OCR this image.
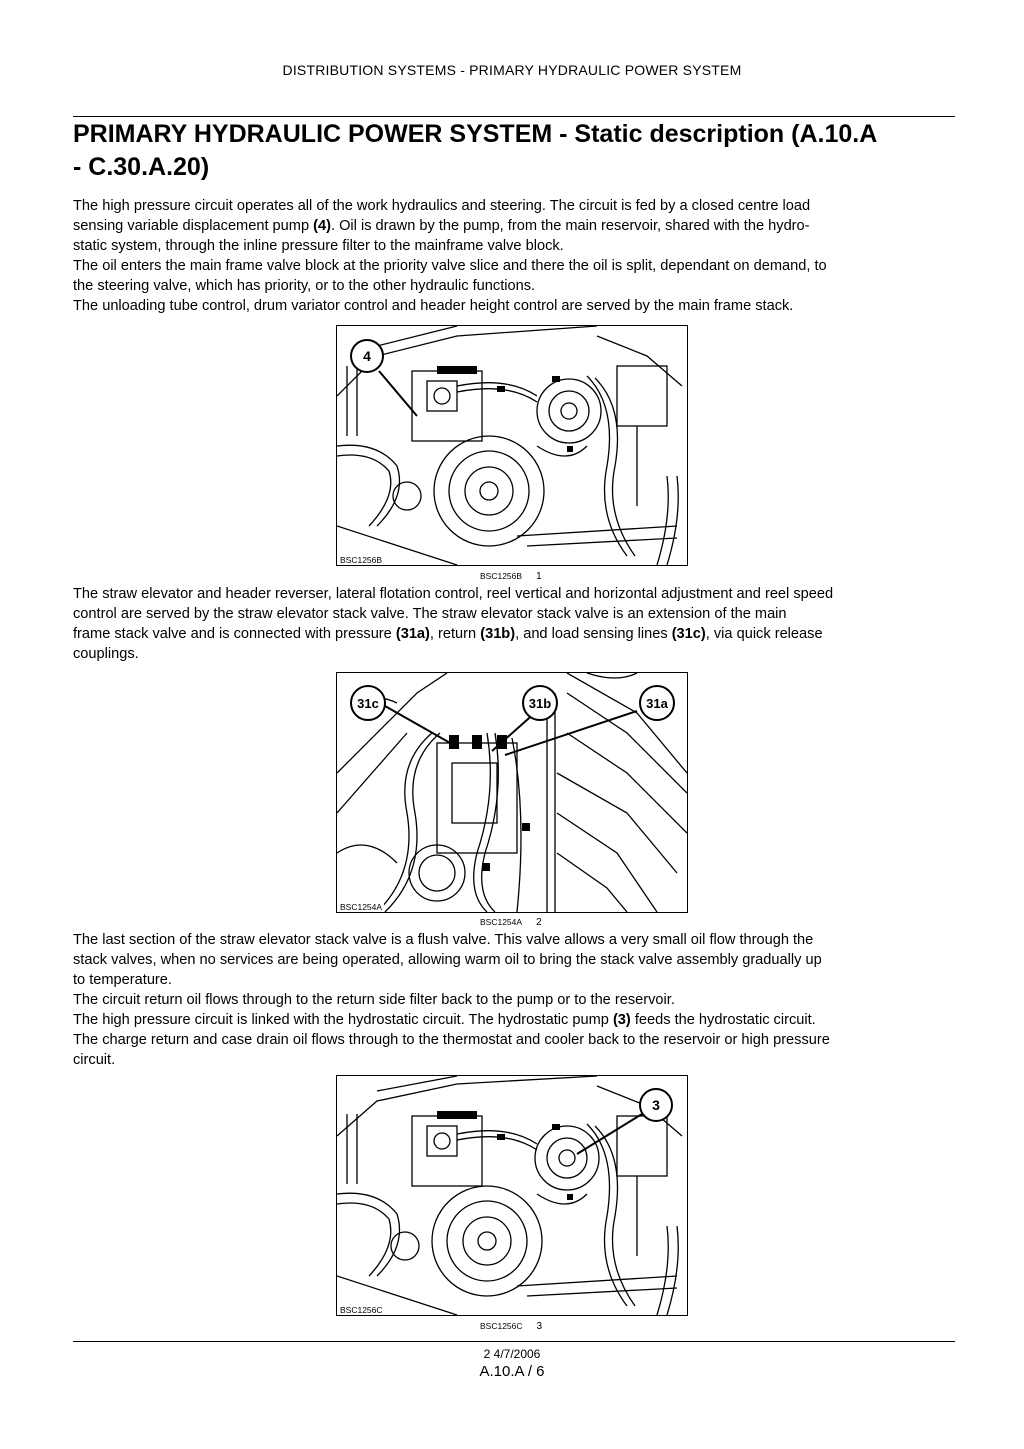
DISTRIBUTION SYSTEMS - PRIMARY HYDRAULIC POWER SYSTEM
PRIMARY HYDRAULIC POWER SYSTEM - Static description (A.10.A
- C.30.A.20)
The high pressure circuit operates all of the work hydraulics and steering. The circuit is fed by a closed centre load
sensing variable displacement pump (4). Oil is drawn by the pump, from the main reservoir, shared with the hydro-
static system, through the inline pressure filter to the mainframe valve block.
The oil enters the main frame valve block at the priority valve slice and there the oil is split, dependant on demand, to
the steering valve, which has priority, or to the other hydraulic functions.
The unloading tube control, drum variator control and header height control are served by the main frame stack.
4
BSC1256B
BSC1256B 1
The straw elevator and header reverser, lateral flotation control, reel vertical and horizontal adjustment and reel speed
control are served by the straw elevator stack valve. The straw elevator stack valve is an extension of the main
frame stack valve and is connected with pressure (31a), return (31b), and load sensing lines (31c), via quick release
couplings.
31c	31b	31a
BSC1254A
BSC1254A 2
The last section of the straw elevator stack valve is a flush valve. This valve allows a very small oil flow through the
stack valves, when no services are being operated, allowing warm oil to bring the stack valve assembly gradually up
to temperature.
The circuit return oil flows through to the return side filter back to the pump or to the reservoir.
The high pressure circuit is linked with the hydrostatic circuit. The hydrostatic pump (3) feeds the hydrostatic circuit.
The charge return and case drain oil flows through to the thermostat and cooler back to the reservoir or high pressure
circuit.
3
BSC1256C
BSC1256C 3
2 4/7/2006
A.10.A / 6
